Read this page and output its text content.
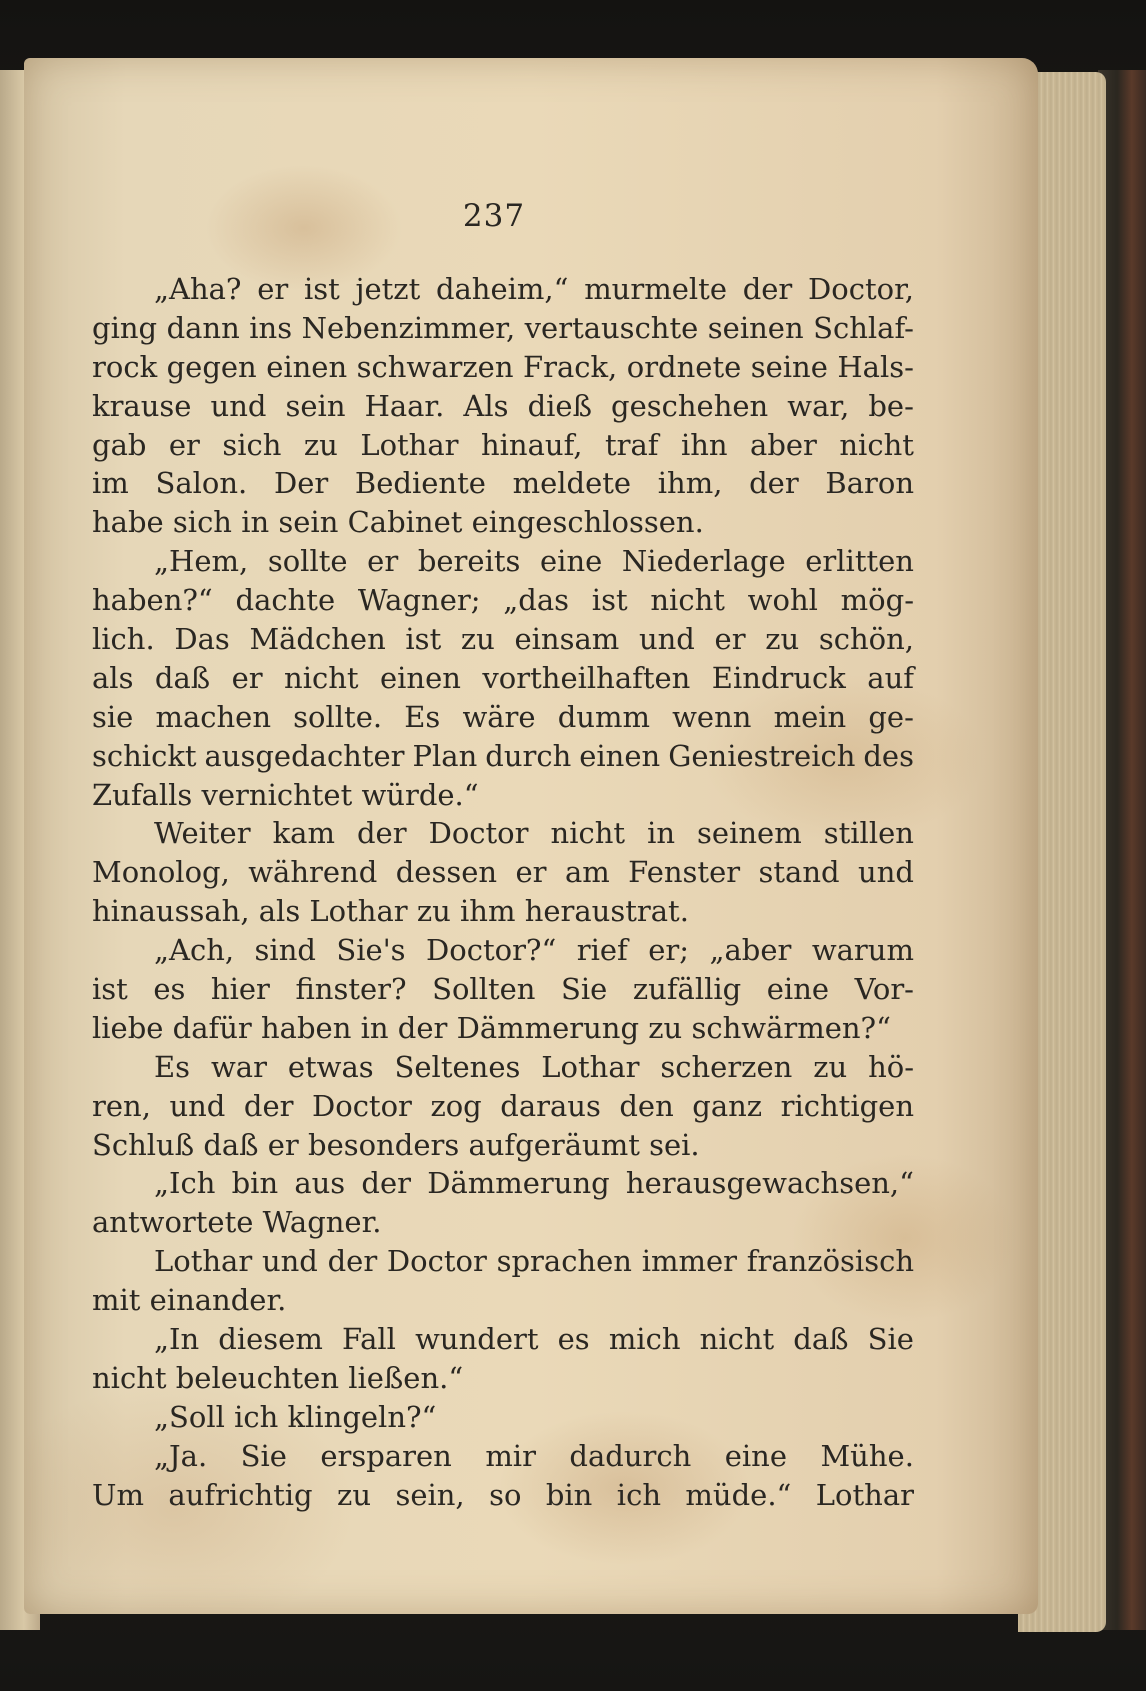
237
„Aha? er ist jetzt daheim,“ murmelte der Doctor,
ging dann ins Nebenzimmer, vertauschte seinen Schlaf-
rock gegen einen schwarzen Frack, ordnete seine Hals-
krause und sein Haar. Als dieß geschehen war, be-
gab er sich zu Lothar hinauf, traf ihn aber nicht
im Salon. Der Bediente meldete ihm, der Baron
habe sich in sein Cabinet eingeschlossen.
„Hem, sollte er bereits eine Niederlage erlitten
haben?“ dachte Wagner; „das ist nicht wohl mög-
lich. Das Mädchen ist zu einsam und er zu schön,
als daß er nicht einen vortheilhaften Eindruck auf
sie machen sollte. Es wäre dumm wenn mein ge-
schickt ausgedachter Plan durch einen Geniestreich des
Zufalls vernichtet würde.“
Weiter kam der Doctor nicht in seinem stillen
Monolog, während dessen er am Fenster stand und
hinaussah, als Lothar zu ihm heraustrat.
„Ach, sind Sie's Doctor?“ rief er; „aber warum
ist es hier finster? Sollten Sie zufällig eine Vor-
liebe dafür haben in der Dämmerung zu schwärmen?“
Es war etwas Seltenes Lothar scherzen zu hö-
ren, und der Doctor zog daraus den ganz richtigen
Schluß daß er besonders aufgeräumt sei.
„Ich bin aus der Dämmerung herausgewachsen,“
antwortete Wagner.
Lothar und der Doctor sprachen immer französisch
mit einander.
„In diesem Fall wundert es mich nicht daß Sie
nicht beleuchten ließen.“
„Soll ich klingeln?“
„Ja. Sie ersparen mir dadurch eine Mühe.
Um aufrichtig zu sein, so bin ich müde.“ Lothar
